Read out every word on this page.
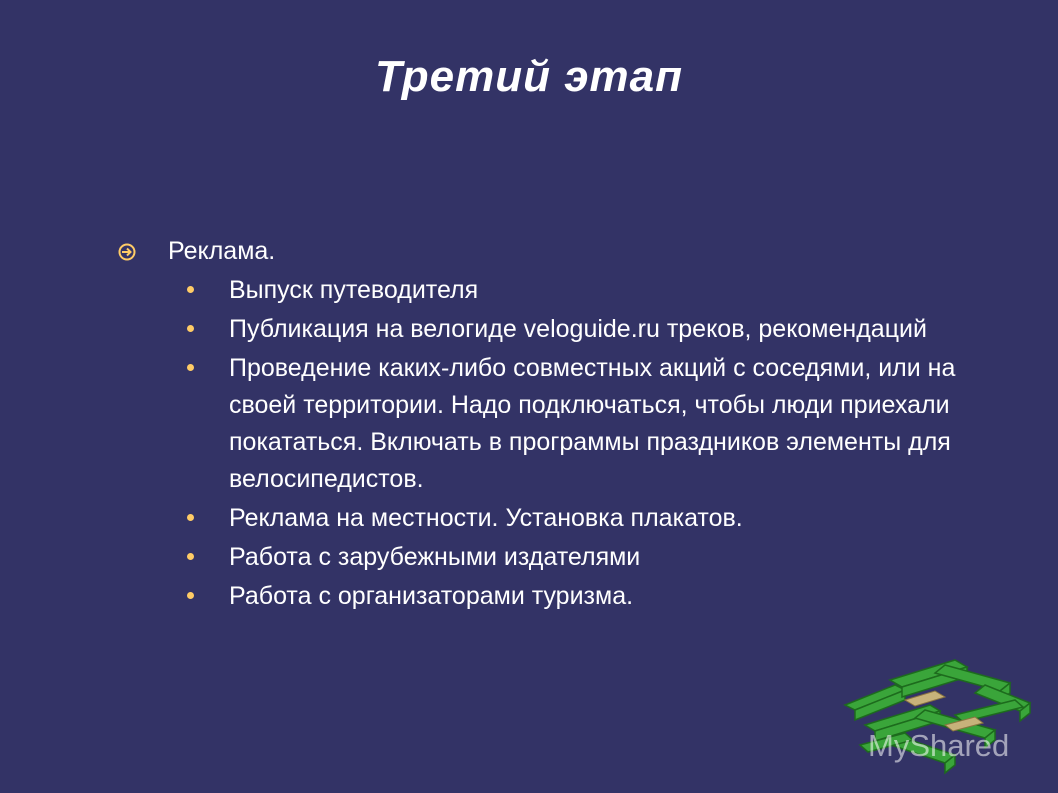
Третий этап
Реклама.
Выпуск путеводителя
Публикация на велогиде veloguide.ru треков, рекомендаций
Проведение каких-либо совместных акций с соседями, или на своей территории. Надо подключаться, чтобы люди приехали покататься. Включать в программы праздников элементы для велосипедистов.
Реклама на местности. Установка плакатов.
Работа с зарубежными издателями
Работа с организаторами туризма.
MyShared
